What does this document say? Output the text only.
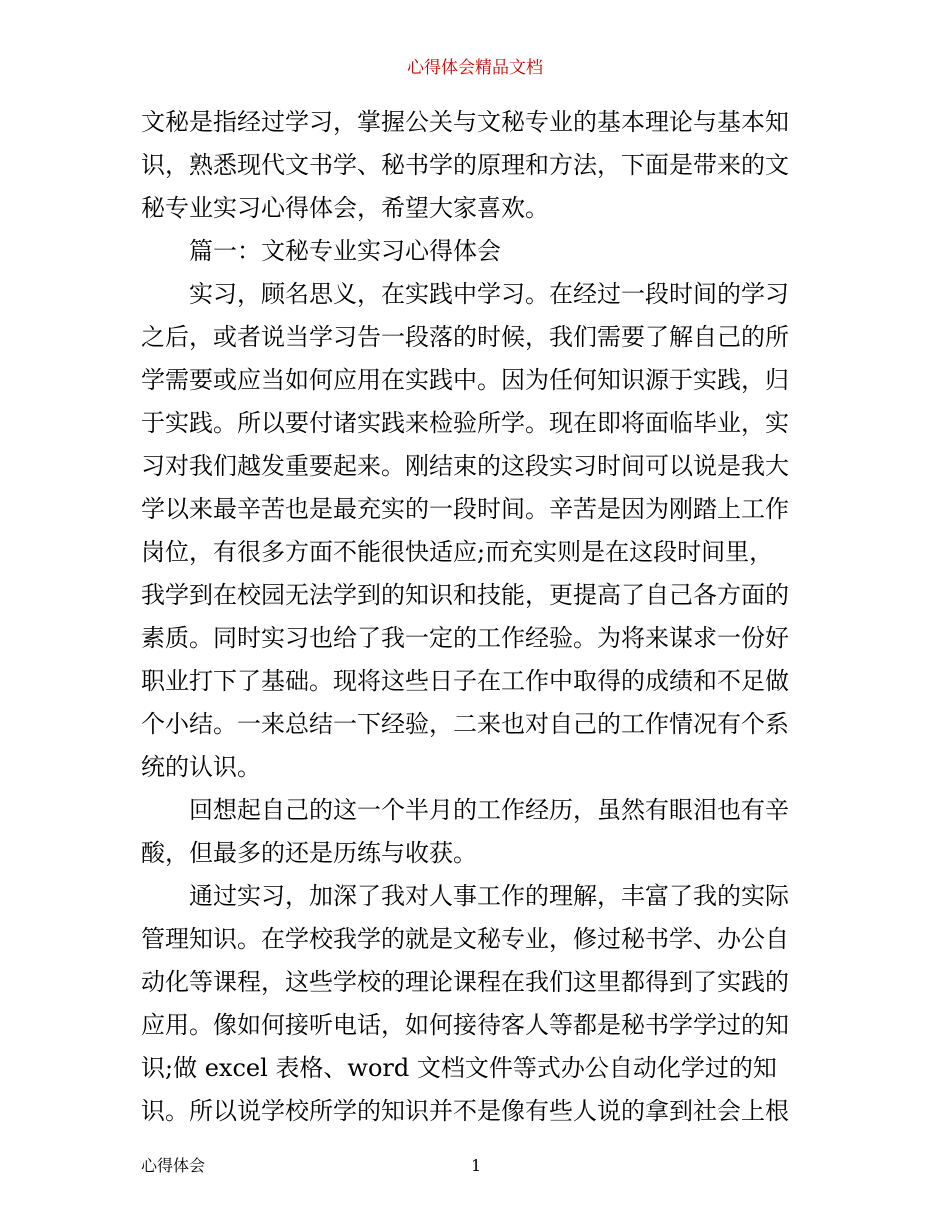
心得体会精品文档
文秘是指经过学习，掌握公关与文秘专业的基本理论与基本知
识，熟悉现代文书学、秘书学的原理和方法，下面是带来的文
秘专业实习心得体会，希望大家喜欢。
篇一：文秘专业实习心得体会
实习，顾名思义，在实践中学习。在经过一段时间的学习
之后，或者说当学习告一段落的时候，我们需要了解自己的所
学需要或应当如何应用在实践中。因为任何知识源于实践，归
于实践。所以要付诸实践来检验所学。现在即将面临毕业，实
习对我们越发重要起来。刚结束的这段实习时间可以说是我大
学以来最辛苦也是最充实的一段时间。辛苦是因为刚踏上工作
岗位，有很多方面不能很快适应;而充实则是在这段时间里，
我学到在校园无法学到的知识和技能，更提高了自己各方面的
素质。同时实习也给了我一定的工作经验。为将来谋求一份好
职业打下了基础。现将这些日子在工作中取得的成绩和不足做
个小结。一来总结一下经验，二来也对自己的工作情况有个系
统的认识。
回想起自己的这一个半月的工作经历，虽然有眼泪也有辛
酸，但最多的还是历练与收获。
通过实习，加深了我对人事工作的理解，丰富了我的实际
管理知识。在学校我学的就是文秘专业，修过秘书学、办公自
动化等课程，这些学校的理论课程在我们这里都得到了实践的
应用。像如何接听电话，如何接待客人等都是秘书学学过的知
识;做 excel 表格、word 文档文件等式办公自动化学过的知
识。所以说学校所学的知识并不是像有些人说的拿到社会上根
心得体会	1
